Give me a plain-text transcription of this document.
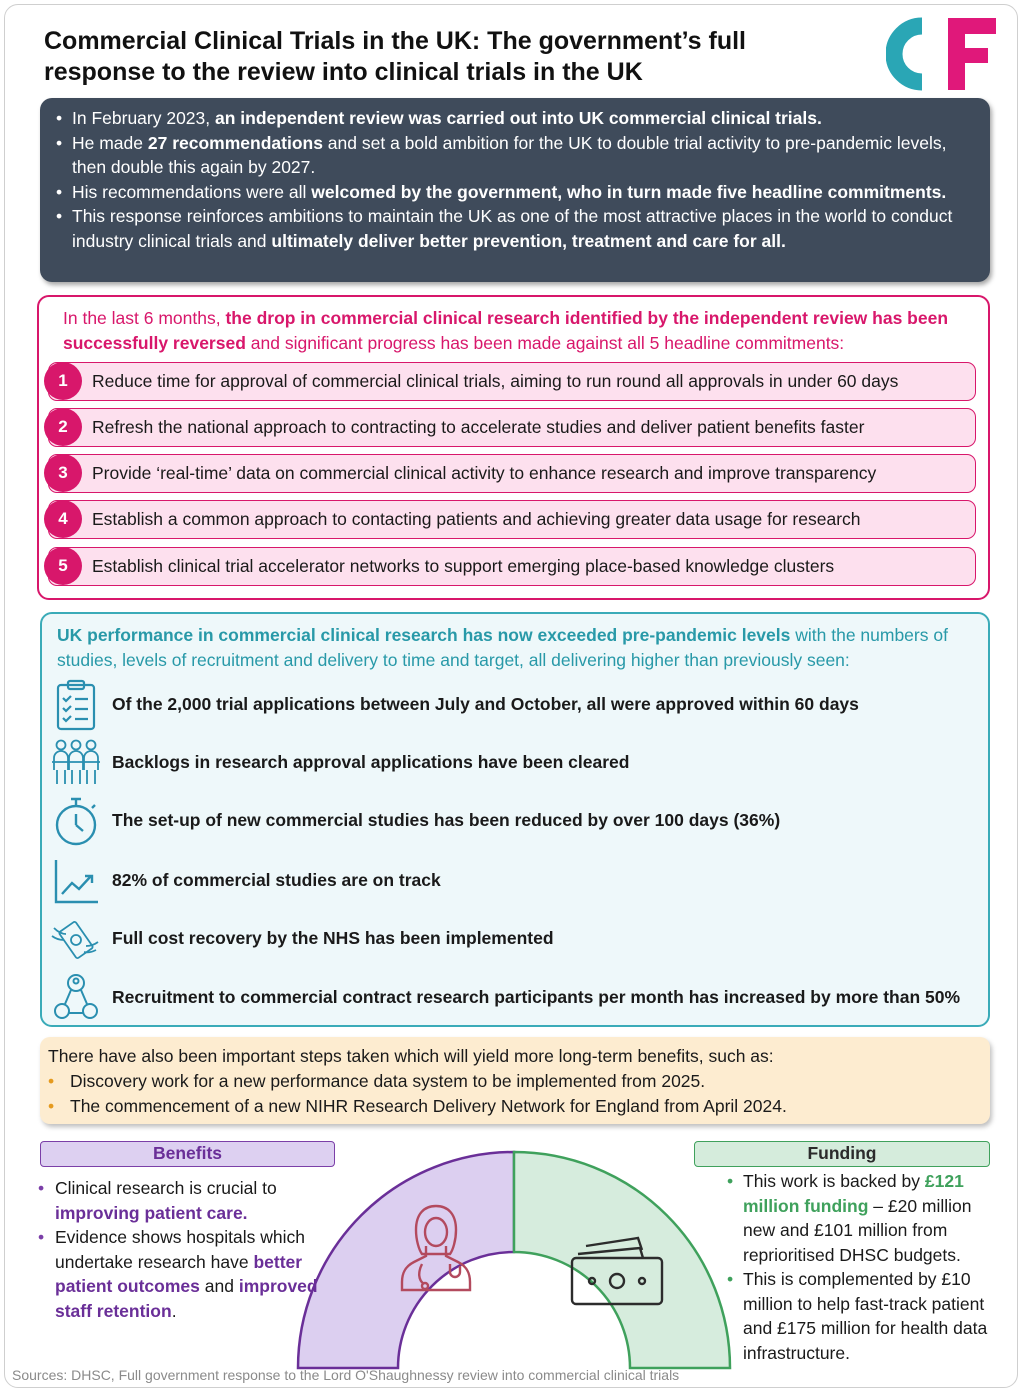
Commercial Clinical Trials in the UK: The government’s full response to the review into clinical trials in the UK
• In February 2023, an independent review was carried out into UK commercial clinical trials.
• He made 27 recommendations and set a bold ambition for the UK to double trial activity to pre-pandemic levels, then double this again by 2027.
• His recommendations were all welcomed by the government, who in turn made five headline commitments.
• This response reinforces ambitions to maintain the UK as one of the most attractive places in the world to conduct industry clinical trials and ultimately deliver better prevention, treatment and care for all.

In the last 6 months, the drop in commercial clinical research identified by the independent review has been successfully reversed and significant progress has been made against all 5 headline commitments:

Reduce time for approval of commercial clinical trials, aiming to run round all approvals in under 60 days
1
Refresh the national approach to contracting to accelerate studies and deliver patient benefits faster
2
Provide ‘real-time’ data on commercial clinical activity to enhance research and improve transparency
3
Establish a common approach to contacting patients and achieving greater data usage for research
4
Establish clinical trial accelerator networks to support emerging place-based knowledge clusters
5

UK performance in commercial clinical research has now exceeded pre-pandemic levels with the numbers of studies, levels of recruitment and delivery to time and target, all delivering higher than previously seen:

Of the 2,000 trial applications between July and October, all were approved within 60 days
Backlogs in research approval applications have been cleared
The set-up of new commercial studies has been reduced by over 100 days (36%)
82% of commercial studies are on track
Full cost recovery by the NHS has been implemented
Recruitment to commercial contract research participants per month has increased by more than 50%

There have also been important steps taken which will yield more long-term benefits, such as:

• Discovery work for a new performance data system to be implemented from 2025.
• The commencement of a new NIHR Research Delivery Network for England from April 2024.
Benefits
• Clinical research is crucial to improving patient care.
• Evidence shows hospitals which undertake research have better patient outcomes and improved staff retention.
Funding
• This work is backed by £121 million funding – £20 million new and £101 million from reprioritised DHSC budgets.
• This is complemented by £10 million to help fast-track patient and £175 million for health data infrastructure.
Sources: DHSC, Full government response to the Lord O'Shaughnessy review into commercial clinical trials
